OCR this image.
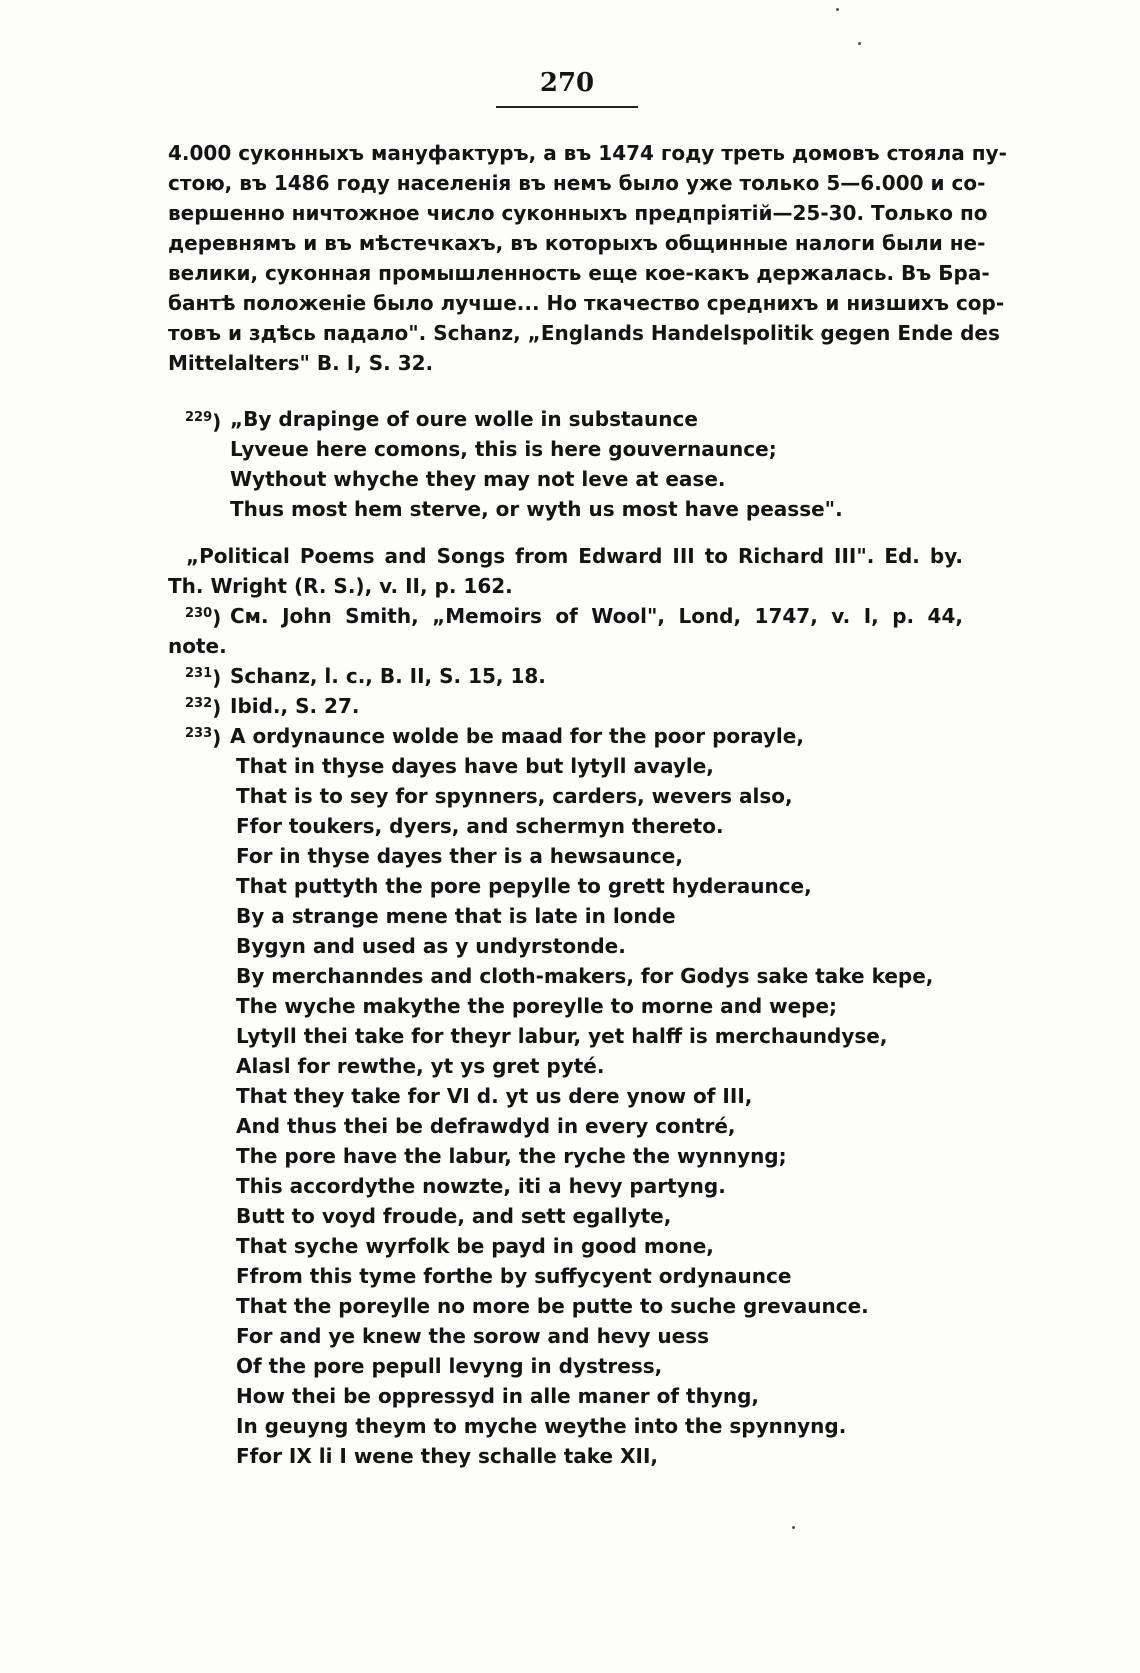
270
4.000 суконныхъ мануфактуръ, а въ 1474 году треть домовъ стояла пу-
стою, въ 1486 году населенія въ немъ было уже только 5—6.000 и со-
вершенно ничтожное число суконныхъ предпріятій—25-30. Только по
деревнямъ и въ мѣстечкахъ, въ которыхъ общинные налоги были не-
велики, суконная промышленность еще кое-какъ держалась. Въ Бра-
бантѣ положеніе было лучше... Но ткачество среднихъ и низшихъ сор-
товъ и здѣсь падало". Schanz, „Englands Handelspolitik gegen Ende des
Mittelalters" B. I, S. 32.
229) „By drapinge of oure wolle in substaunce
Lyveue here comons, this is here gouvernaunce;
Wythout whyche they may not leve at ease.
Thus most hem sterve, or wyth us most have peasse".
„Political Poems and Songs from Edward III to Richard III". Ed. by.
Th. Wright (R. S.), v. II, p. 162.
230) См. John Smith, „Memoirs of Wool", Lond, 1747, v. I, p. 44,
note.
231) Schanz, l. c., B. II, S. 15, 18.
232) Ibid., S. 27.
233) A ordynaunce wolde be maad for the poor porayle,
That in thyse dayes have but lytyll avayle,
That is to sey for spynners, carders, wevers also,
Ffor toukers, dyers, and schermyn thereto.
For in thyse dayes ther is a hewsaunce,
That puttyth the pore pepylle to grett hyderaunce,
By a strange mene that is late in londe
Bygyn and used as y undyrstonde.
By merchanndes and cloth-makers, for Godys sake take kepe,
The wyche makythe the poreylle to morne and wepe;
Lytyll thei take for theyr labur, yet halff is merchaundyse,
Alasl for rewthe, yt ys gret pyté.
That they take for VI d. yt us dere ynow of III,
And thus thei be defrawdyd in every contré,
The pore have the labur, the ryche the wynnyng;
This accordythe nowzte, iti a hevy partyng.
Butt to voyd froude, and sett egallyte,
That syche wyrfolk be payd in good mone,
Ffrom this tyme forthe by suffycyent ordynaunce
That the poreylle no more be putte to suche grevaunce.
For and ye knew the sorow and hevy uess
Of the pore pepull levyng in dystress,
How thei be oppressyd in alle maner of thyng,
In geuyng theym to myche weythe into the spynnyng.
Ffor IX li I wene they schalle take XII,
